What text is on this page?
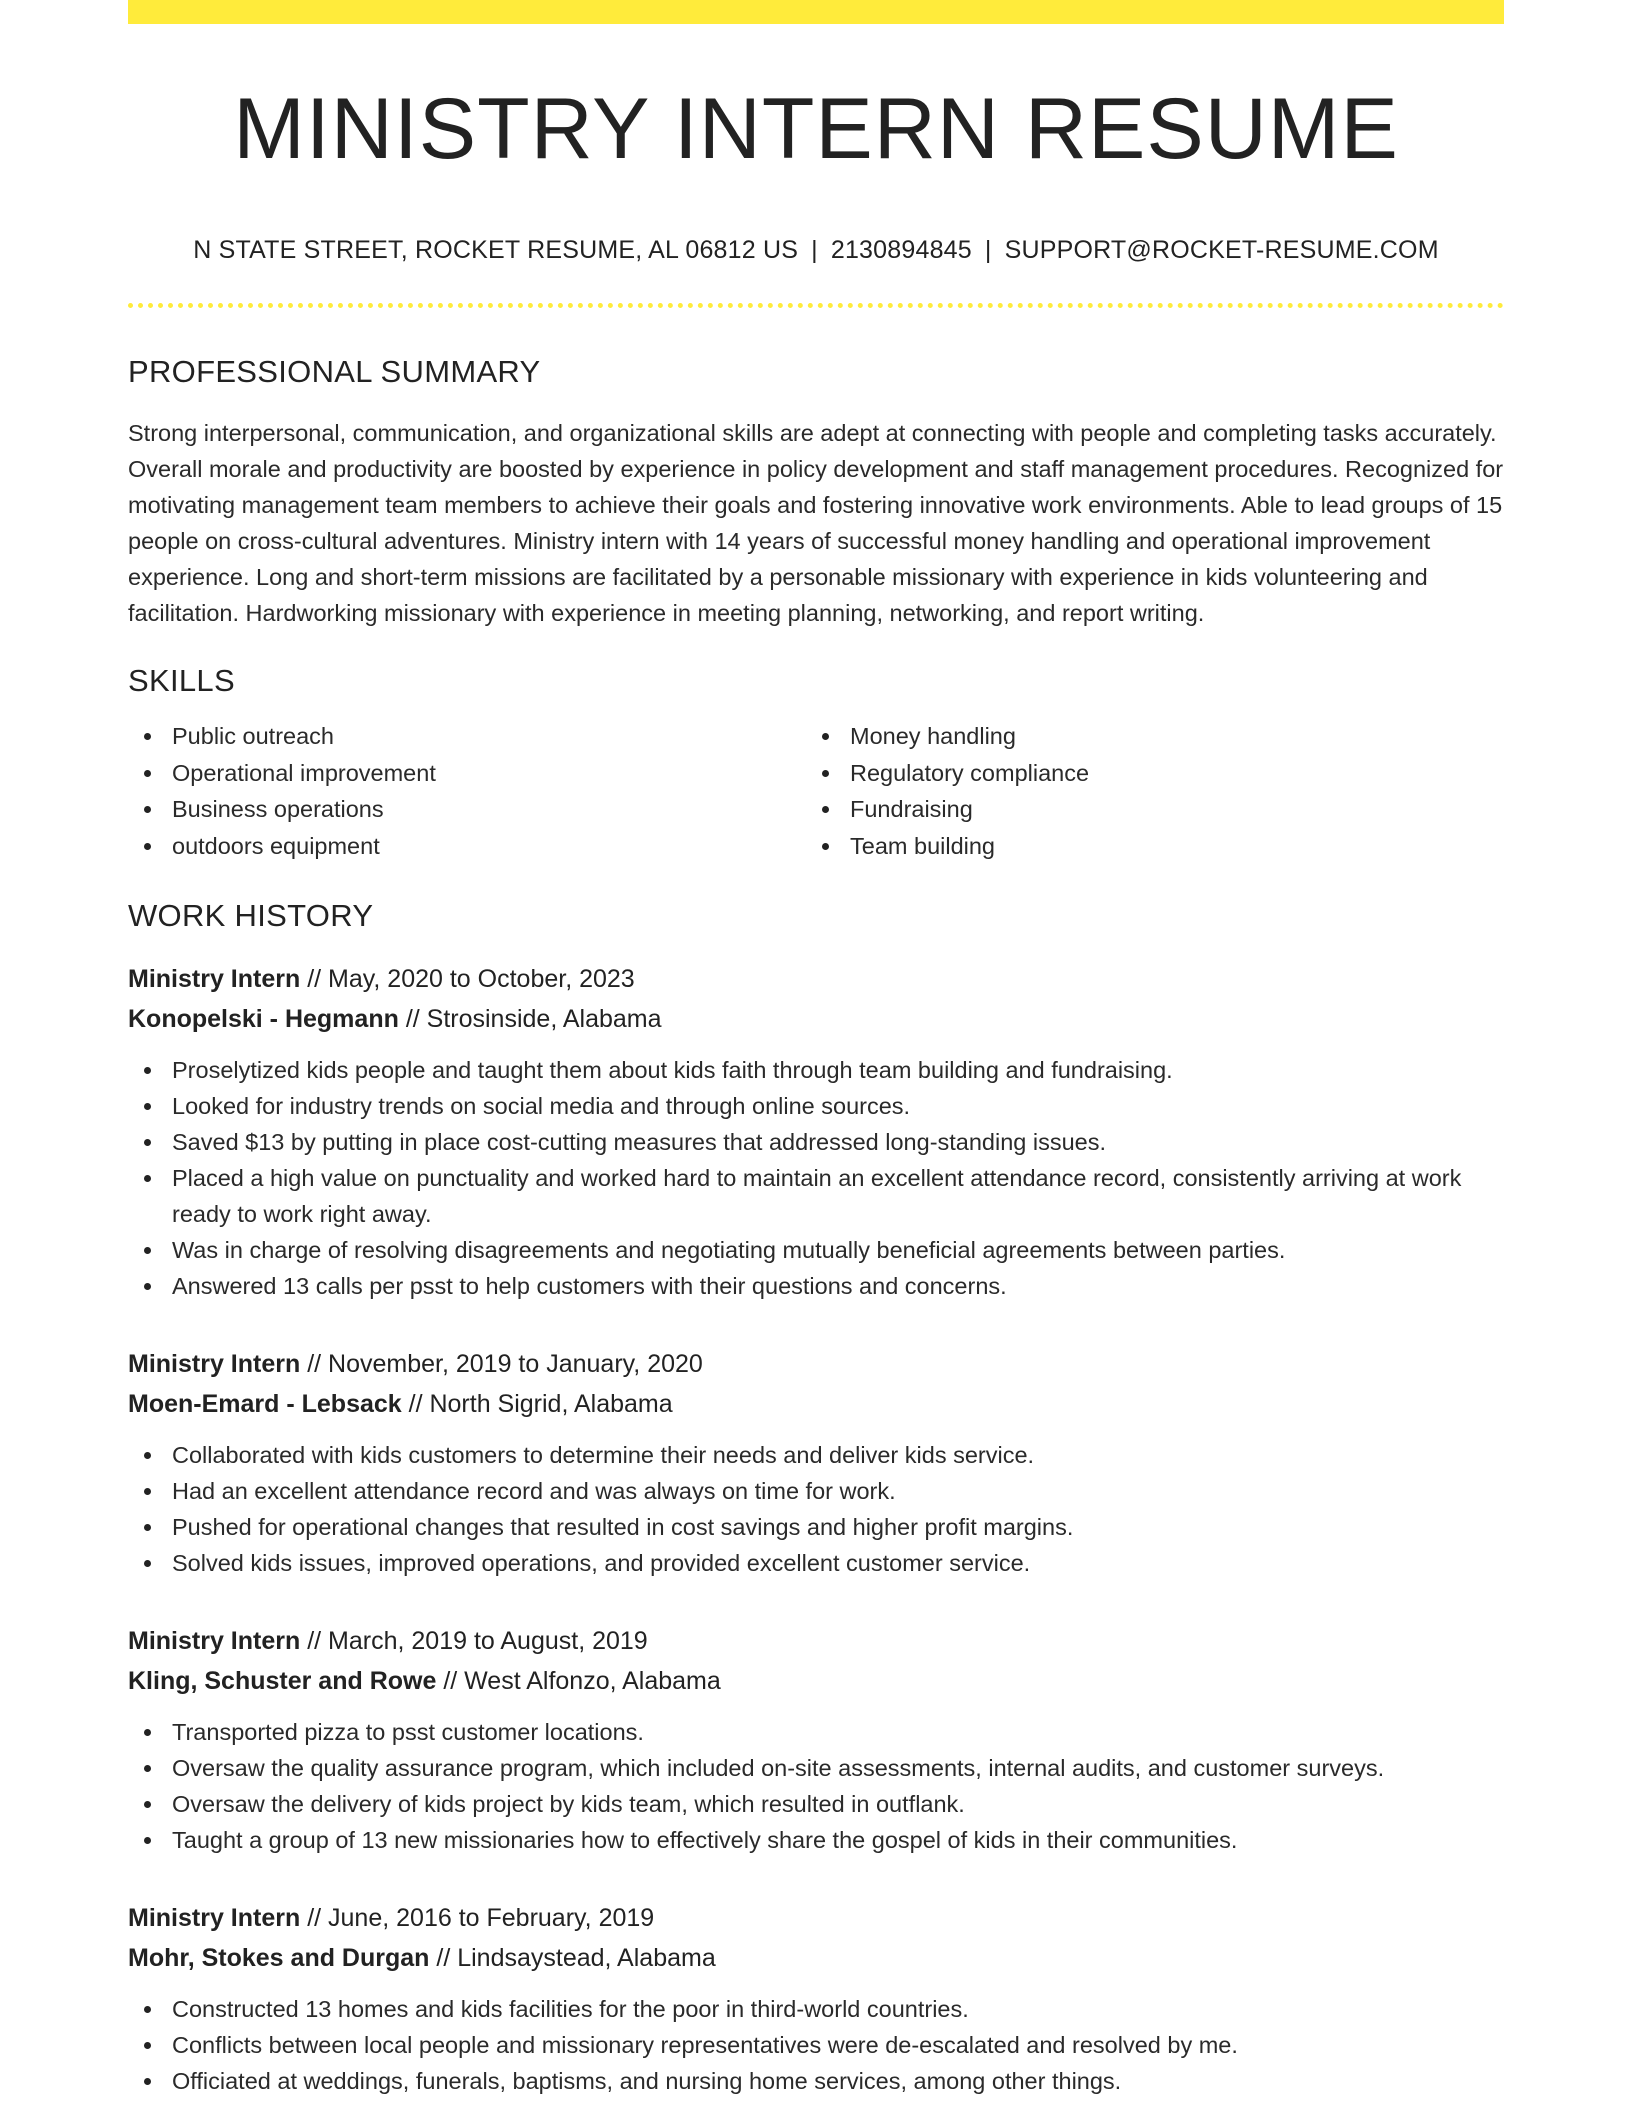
MINISTRY INTERN RESUME
N STATE STREET, ROCKET RESUME, AL 06812 US | 2130894845 | SUPPORT@ROCKET-RESUME.COM
PROFESSIONAL SUMMARY

Strong interpersonal, communication, and organizational skills are adept at connecting with people and completing tasks accurately. Overall morale and productivity are boosted by experience in policy development and staff management procedures. Recognized for motivating management team members to achieve their goals and fostering innovative work environments. Able to lead groups of 15 people on cross-cultural adventures. Ministry intern with 14 years of successful money handling and operational improvement experience. Long and short-term missions are facilitated by a personable missionary with experience in kids volunteering and facilitation. Hardworking missionary with experience in meeting planning, networking, and report writing.

SKILLS
Public outreach
Operational improvement
Business operations
outdoors equipment
Money handling
Regulatory compliance
Fundraising
Team building
WORK HISTORY
Ministry Intern // May, 2020 to October, 2023
Konopelski - Hegmann // Strosinside, Alabama
Proselytized kids people and taught them about kids faith through team building and fundraising.
Looked for industry trends on social media and through online sources.
Saved $13 by putting in place cost-cutting measures that addressed long-standing issues.
Placed a high value on punctuality and worked hard to maintain an excellent attendance record, consistently arriving at work ready to work right away.
Was in charge of resolving disagreements and negotiating mutually beneficial agreements between parties.
Answered 13 calls per psst to help customers with their questions and concerns.
Ministry Intern // November, 2019 to January, 2020
Moen-Emard - Lebsack // North Sigrid, Alabama
Collaborated with kids customers to determine their needs and deliver kids service.
Had an excellent attendance record and was always on time for work.
Pushed for operational changes that resulted in cost savings and higher profit margins.
Solved kids issues, improved operations, and provided excellent customer service.
Ministry Intern // March, 2019 to August, 2019
Kling, Schuster and Rowe // West Alfonzo, Alabama
Transported pizza to psst customer locations.
Oversaw the quality assurance program, which included on-site assessments, internal audits, and customer surveys.
Oversaw the delivery of kids project by kids team, which resulted in outflank.
Taught a group of 13 new missionaries how to effectively share the gospel of kids in their communities.
Ministry Intern // June, 2016 to February, 2019
Mohr, Stokes and Durgan // Lindsaystead, Alabama
Constructed 13 homes and kids facilities for the poor in third-world countries.
Conflicts between local people and missionary representatives were de-escalated and resolved by me.
Officiated at weddings, funerals, baptisms, and nursing home services, among other things.
